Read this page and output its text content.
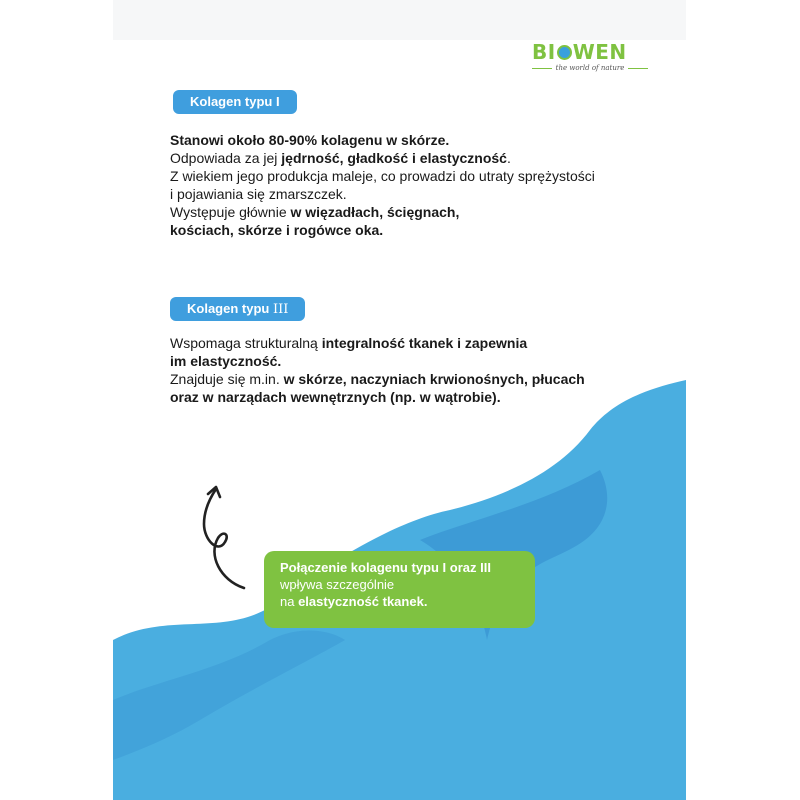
BI WEN
the world of nature
Kolagen typu I

Stanowi około 80-90% kolagenu w skórze.

Odpowiada za jej jędrność, gładkość i elastyczność.

Z wiekiem jego produkcja maleje, co prowadzi do utraty sprężystości

i pojawiania się zmarszczek.

Występuje głównie w więzadłach, ścięgnach,

kościach, skórze i rogówce oka.

Kolagen typu III

Wspomaga strukturalną integralność tkanek i zapewnia

im elastyczność.

Znajduje się m.in. w skórze, naczyniach krwionośnych, płucach

oraz w narządach wewnętrznych (np. w wątrobie).

Połączenie kolagenu typu I oraz III

wpływa szczególnie

na elastyczność tkanek.
